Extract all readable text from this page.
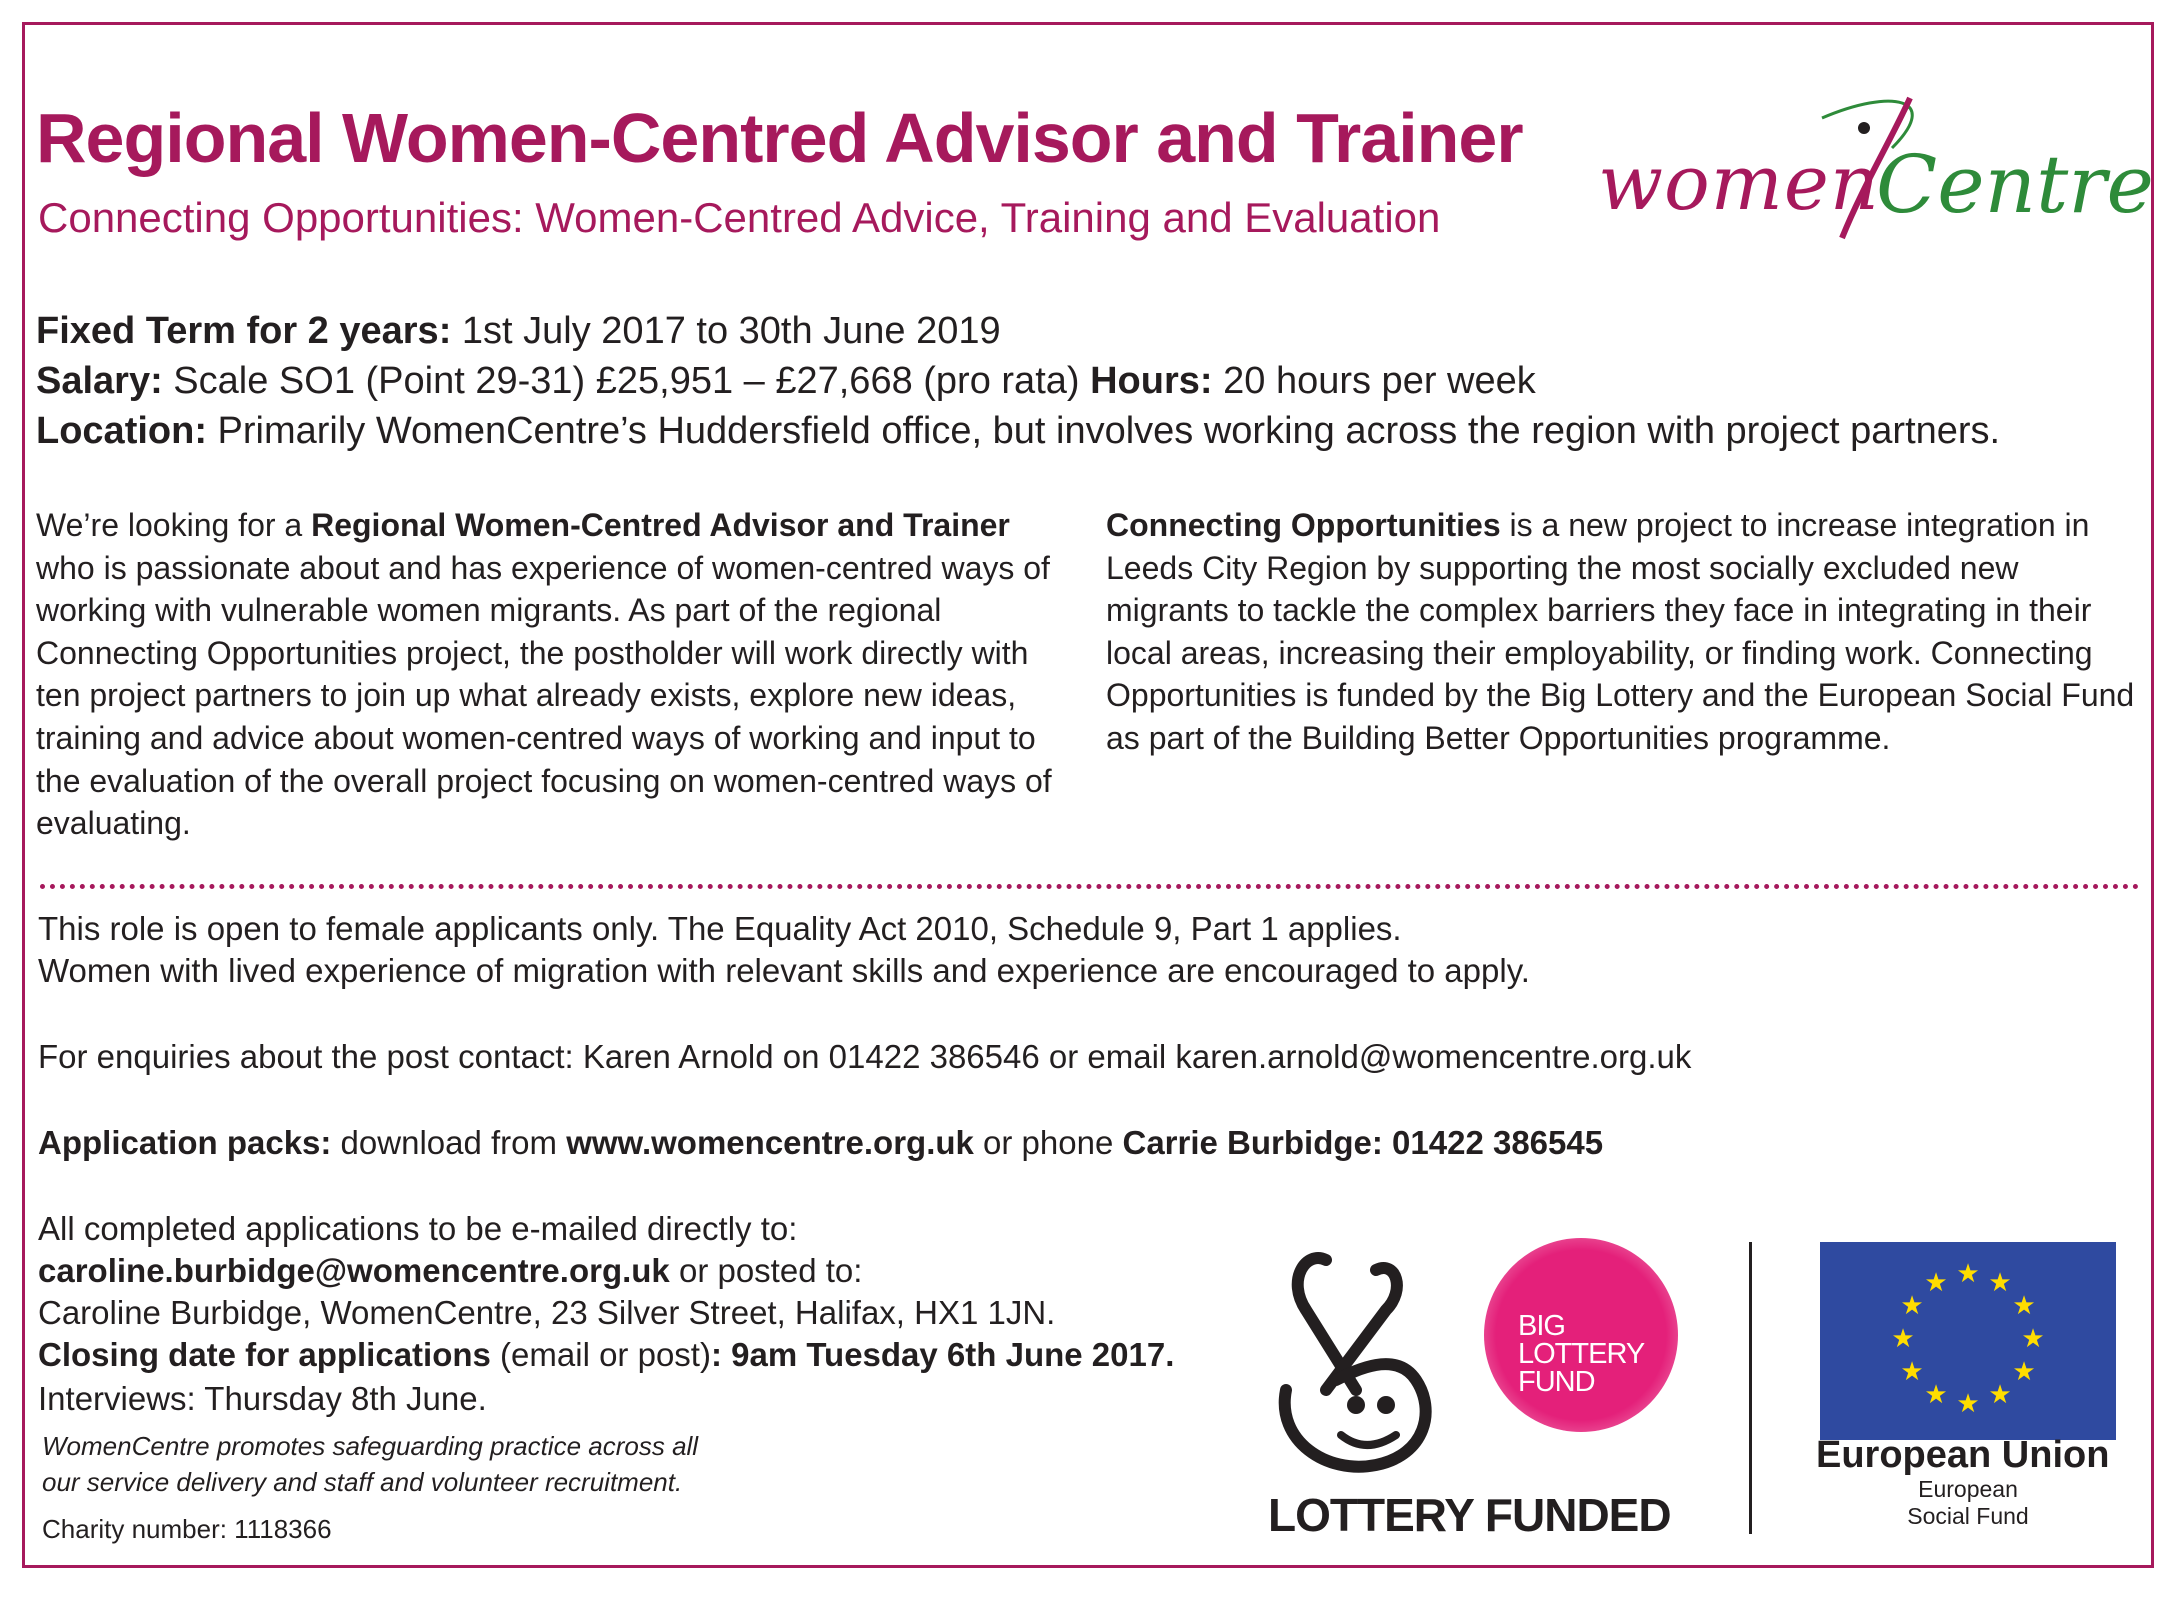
Regional Women-Centred Advisor and Trainer
Connecting Opportunities: Women-Centred Advice, Training and Evaluation women
Centre
Fixed Term for 2 years: 1st July 2017 to 30th June 2019
Salary: Scale SO1 (Point 29-31) £25,951 – £27,668 (pro rata) Hours: 20 hours per week
Location: Primarily WomenCentre’s Huddersfield office, but involves working across the region with project partners.
We’re looking for a Regional Women-Centred Advisor and Trainer who is passionate about and has experience of women-centred ways of working with vulnerable women migrants. As part of the regional Connecting Opportunities project, the postholder will work directly with ten project partners to join up what already exists, explore new ideas, training and advice about women-centred ways of working and input to the evaluation of the overall project focusing on women-centred ways of evaluating.
Connecting Opportunities is a new project to increase integration in Leeds City Region by supporting the most socially excluded new migrants to tackle the complex barriers they face in integrating in their local areas, increasing their employability, or finding work. Connecting Opportunities is funded by the Big Lottery and the European Social Fund as part of the Building Better Opportunities programme.
This role is open to female applicants only. The Equality Act 2010, Schedule 9, Part 1 applies.
Women with lived experience of migration with relevant skills and experience are encouraged to apply.
For enquiries about the post contact: Karen Arnold on 01422 386546 or email karen.arnold@womencentre.org.uk
Application packs: download from www.womencentre.org.uk or phone Carrie Burbidge: 01422 386545
All completed applications to be e-mailed directly to:
caroline.burbidge@womencentre.org.uk or posted to:
Caroline Burbidge, WomenCentre, 23 Silver Street, Halifax, HX1 1JN.
Closing date for applications (email or post): 9am Tuesday 6th June 2017.
Interviews: Thursday 8th June.
WomenCentre promotes safeguarding practice across all
our service delivery and staff and volunteer recruitment.
Charity number: 1118366	LOTTERY FUNDED
BIG
LOTTERY
FUND
★ ★
★
★
★
★
★
★
★
★
★
★
European Union
European
Social Fund
